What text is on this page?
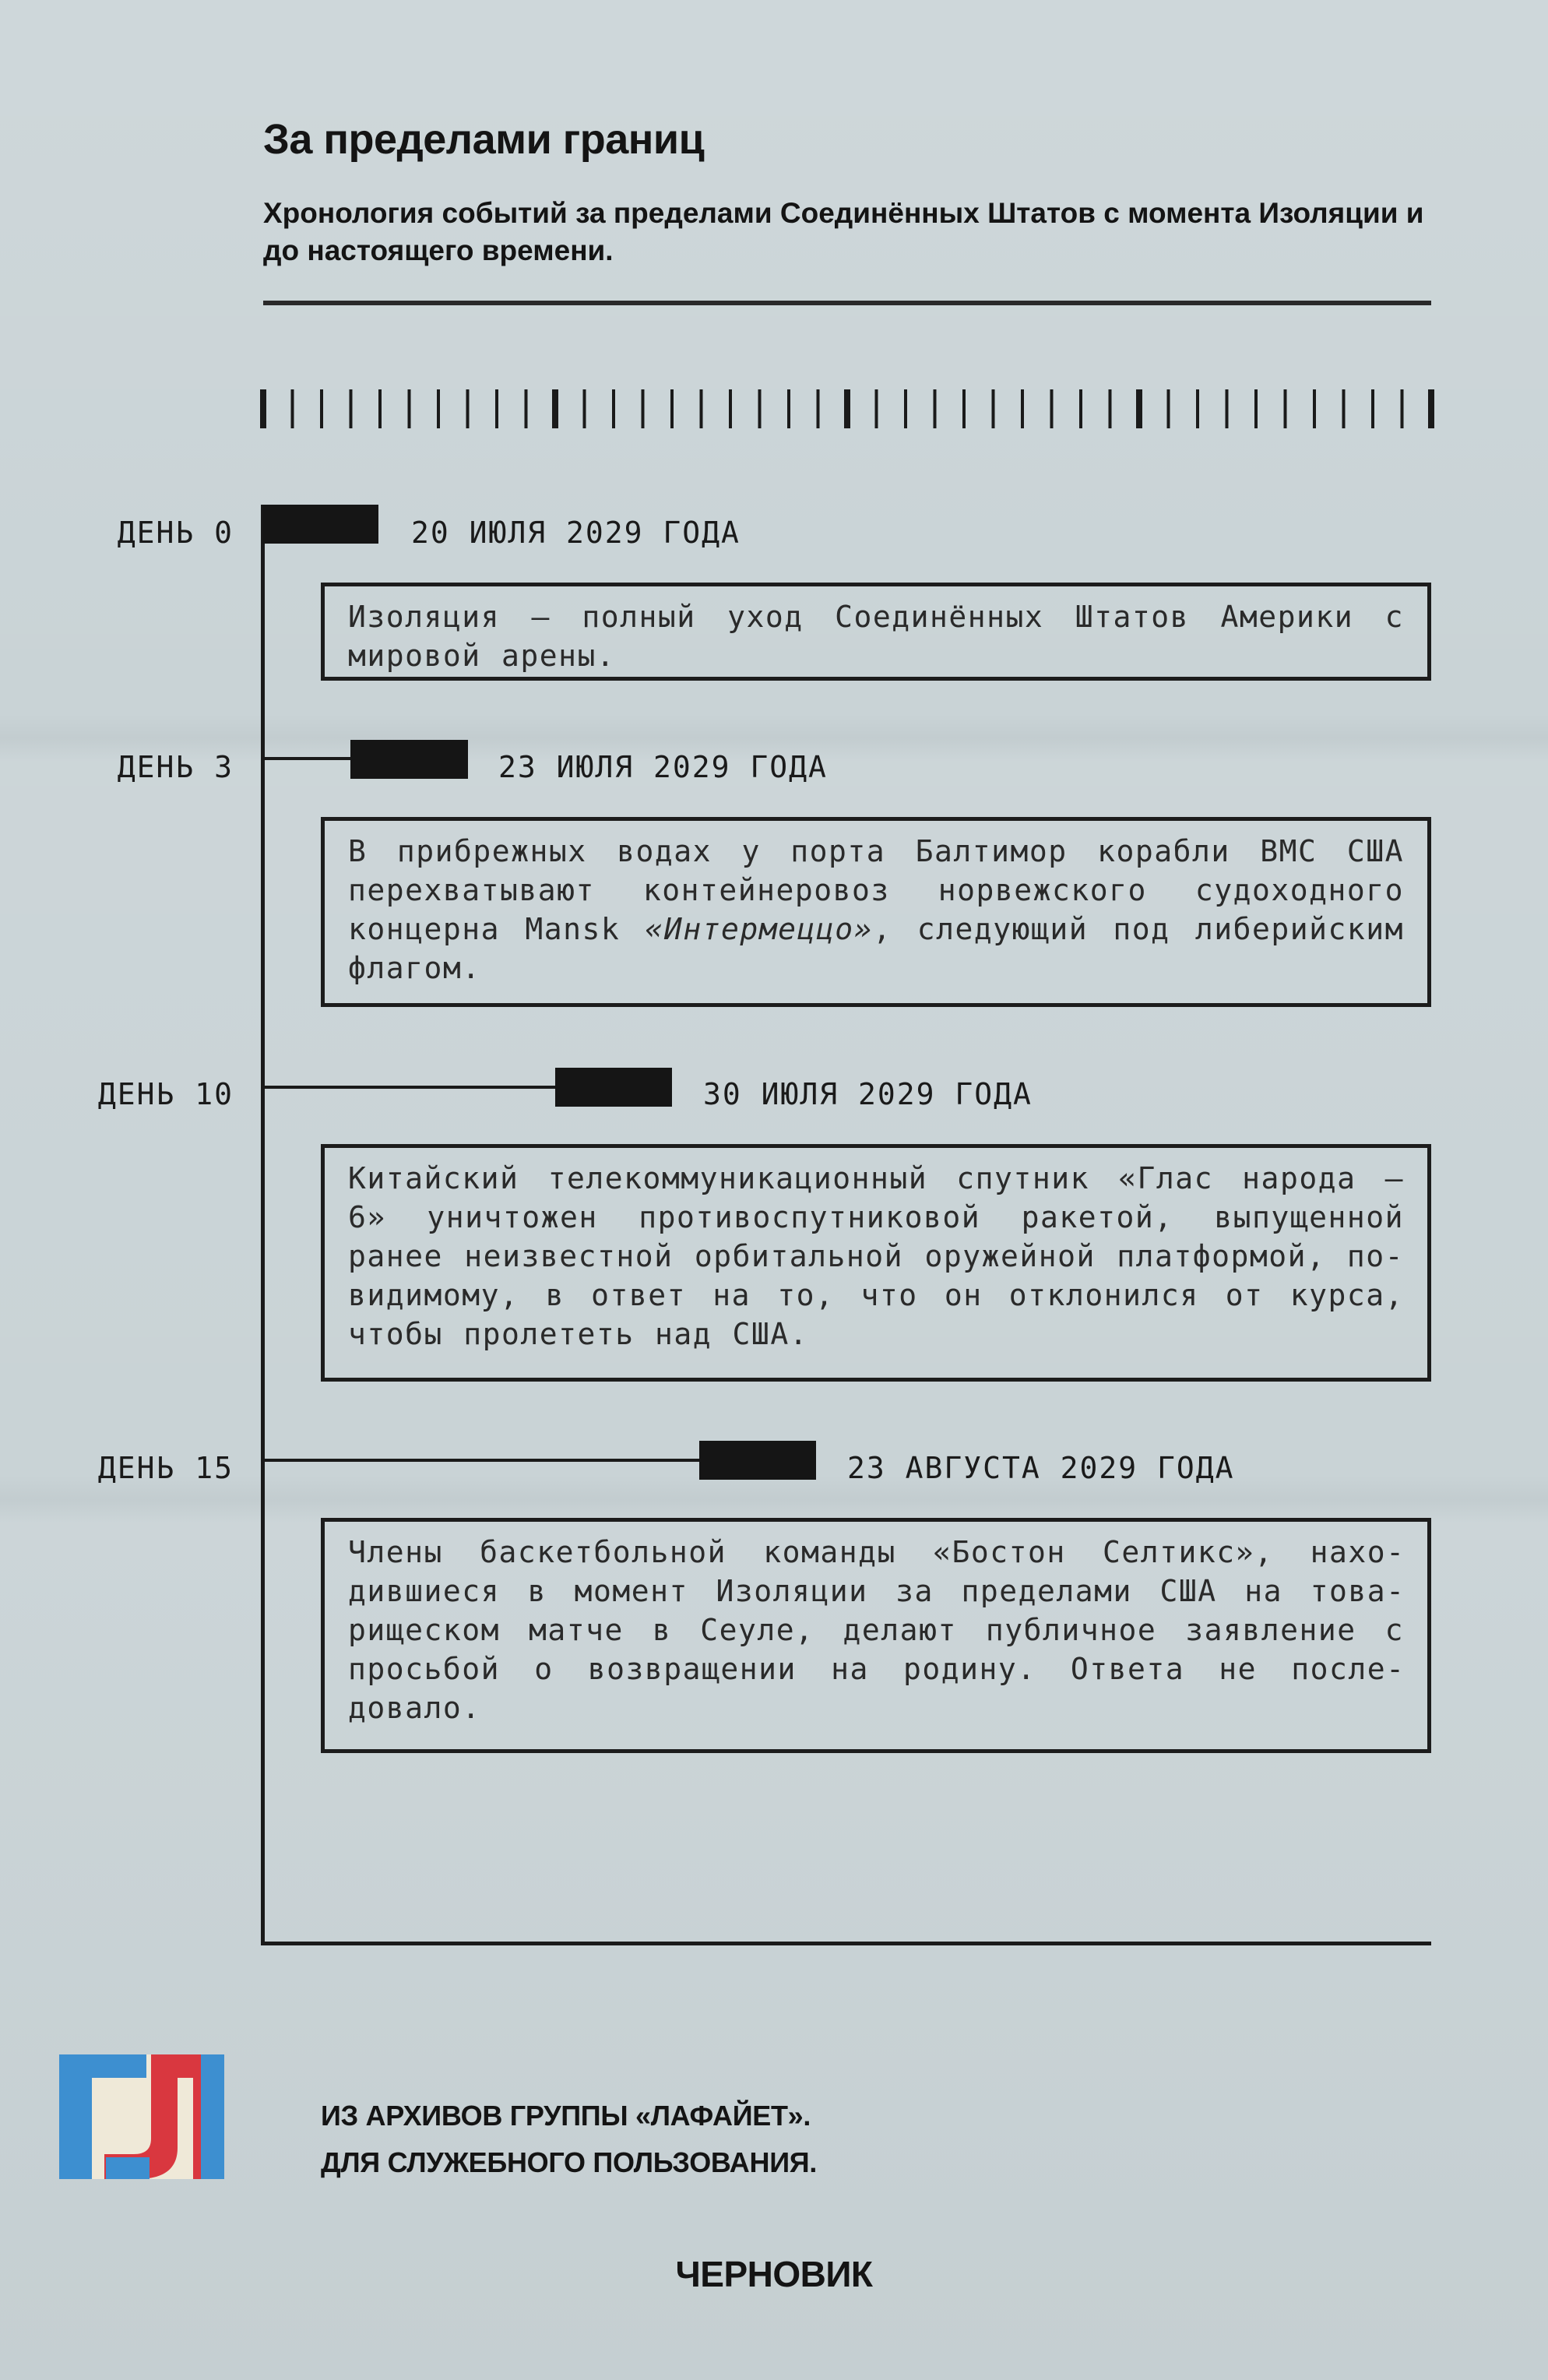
За пределами границ

Хронология событий за пределами Соединённых Штатов с момента Изоляции и до настоящего времени.

ДЕНЬ 0	20 ИЮЛЯ 2029 ГОДА

Изоляция – полный уход Соединённых Штатов Америки с мировой арены.

ДЕНЬ 3	23 ИЮЛЯ 2029 ГОДА

В прибрежных водах у порта Балтимор корабли ВМС США перехватывают контейнеровоз норвежского судоходного концерна Mansk «Интермеццо», следующий под либерийским флагом.

ДЕНЬ 10	30 ИЮЛЯ 2029 ГОДА

Китайский телекоммуникационный спутник «Глас народа – 6» уничтожен противоспутниковой ракетой, выпущенной ранее неизвестной орбитальной оружейной платформой, по-видимому, в ответ на то, что он отклонился от курса, чтобы пролететь над США.

ДЕНЬ 15	23 АВГУСТА 2029 ГОДА

Члены баскетбольной команды «Бостон Селтикс», находившиеся в момент Изоляции за пределами США на товарищеском матче в Сеуле, делают публичное заявление с просьбой о возвращении на родину. Ответа не последовало.

ИЗ АРХИВОВ ГРУППЫ «ЛАФАЙЕТ».
ДЛЯ СЛУЖЕБНОГО ПОЛЬЗОВАНИЯ.
ЧЕРНОВИК
